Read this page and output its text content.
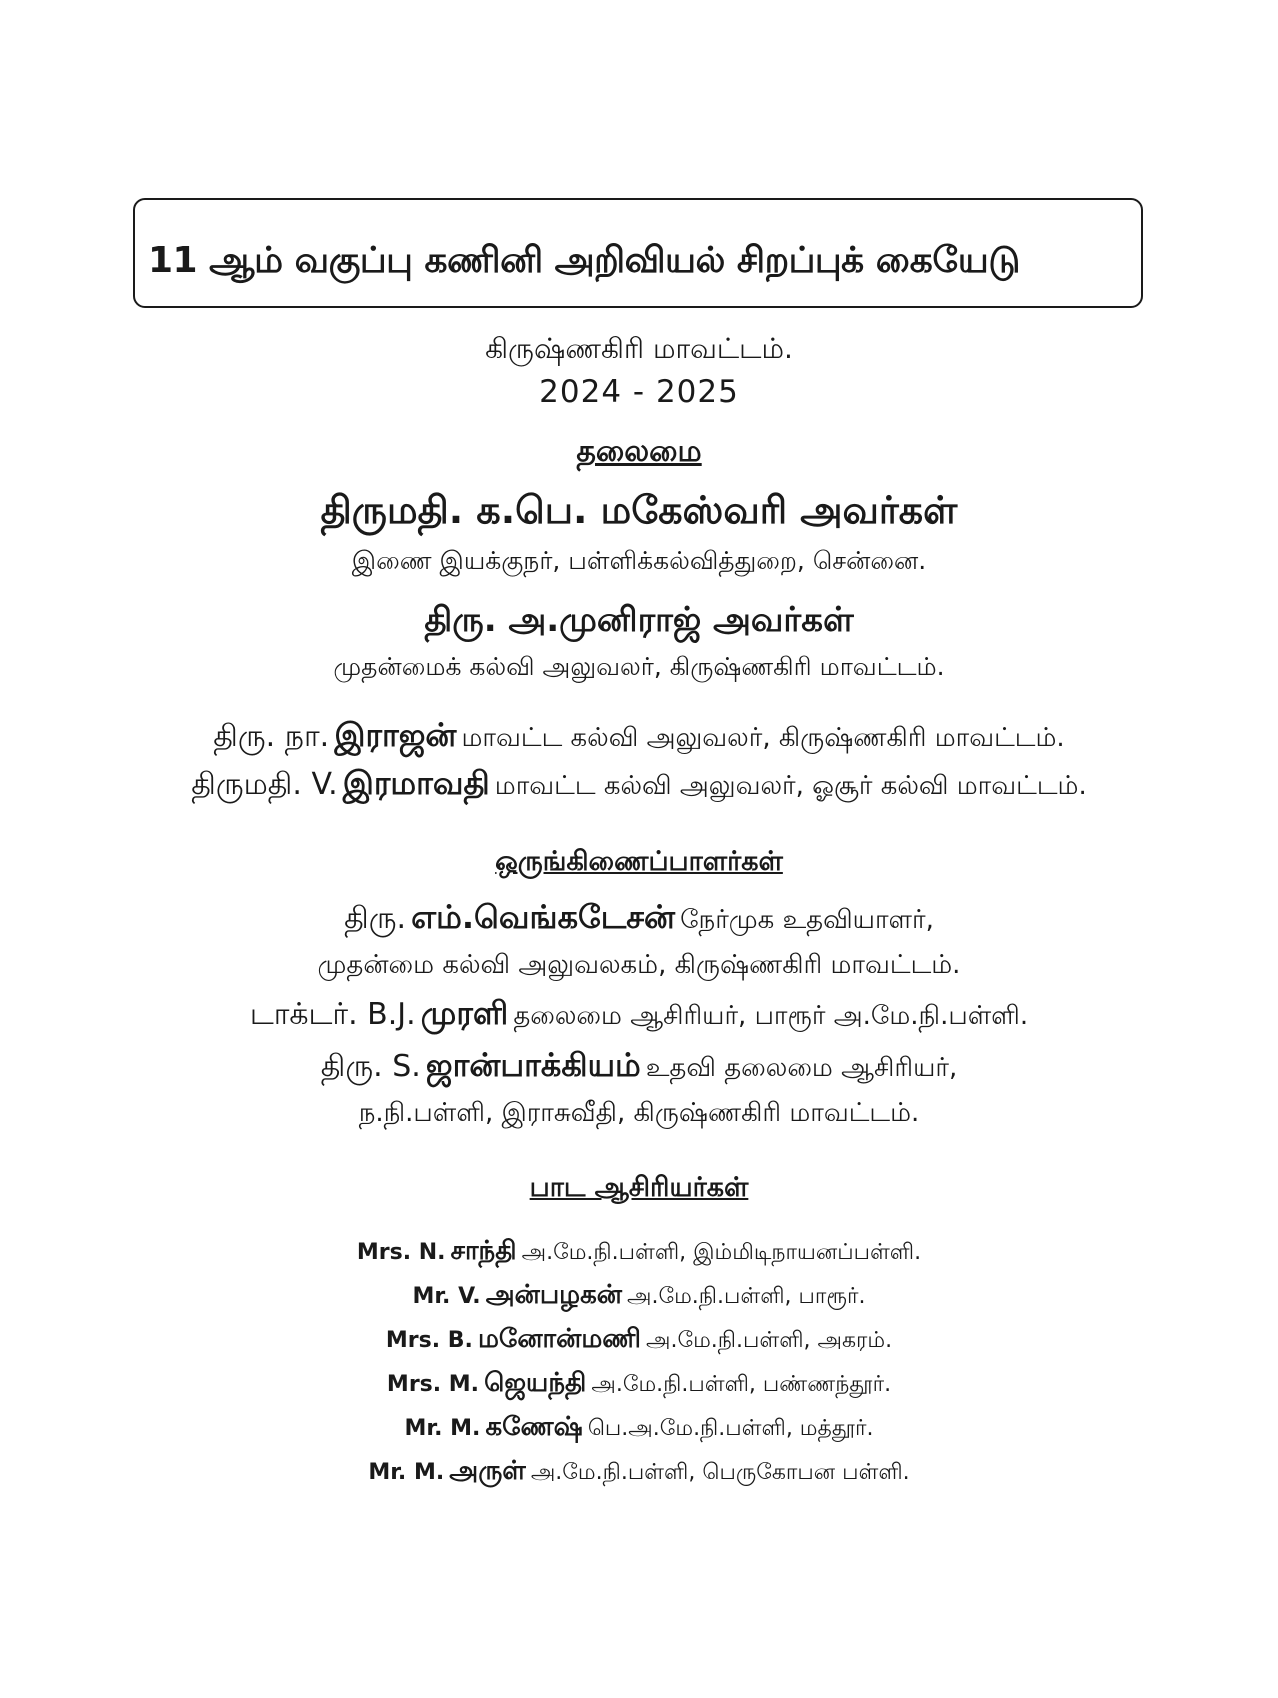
11 ஆம் வகுப்பு கணினி அறிவியல் சிறப்புக் கையேடு
கிருஷ்ணகிரி மாவட்டம்.
2024 - 2025
தலைமை
திருமதி. க.பெ. மகேஸ்வரி அவர்கள்
இணை இயக்குநர், பள்ளிக்கல்வித்துறை, சென்னை.
திரு. அ.முனிராஜ் அவர்கள்
முதன்மைக் கல்வி அலுவலர், கிருஷ்ணகிரி மாவட்டம்.
திரு. நா. இராஜன் மாவட்ட கல்வி அலுவலர், கிருஷ்ணகிரி மாவட்டம்.
திருமதி. V. இரமாவதி மாவட்ட கல்வி அலுவலர், ஓசூர் கல்வி மாவட்டம்.
ஒருங்கிணைப்பாளர்கள்
திரு. எம்.வெங்கடேசன் நேர்முக உதவியாளர்,
முதன்மை கல்வி அலுவலகம், கிருஷ்ணகிரி மாவட்டம்.
டாக்டர். B.J. முரளி தலைமை ஆசிரியர், பாரூர் அ.மே.நி.பள்ளி.
திரு. S. ஜான்பாக்கியம் உதவி தலைமை ஆசிரியர்,
ந.நி.பள்ளி, இராசுவீதி, கிருஷ்ணகிரி மாவட்டம்.
பாட ஆசிரியர்கள்
Mrs. N. சாந்தி அ.மே.நி.பள்ளி, இம்மிடிநாயனப்பள்ளி.
Mr. V. அன்பழகன் அ.மே.நி.பள்ளி, பாரூர்.
Mrs. B. மனோன்மணி அ.மே.நி.பள்ளி, அகரம்.
Mrs. M. ஜெயந்தி அ.மே.நி.பள்ளி, பண்ணந்தூர்.
Mr. M. கணேஷ் பெ.அ.மே.நி.பள்ளி, மத்தூர்.
Mr. M. அருள் அ.மே.நி.பள்ளி, பெருகோபன பள்ளி.
